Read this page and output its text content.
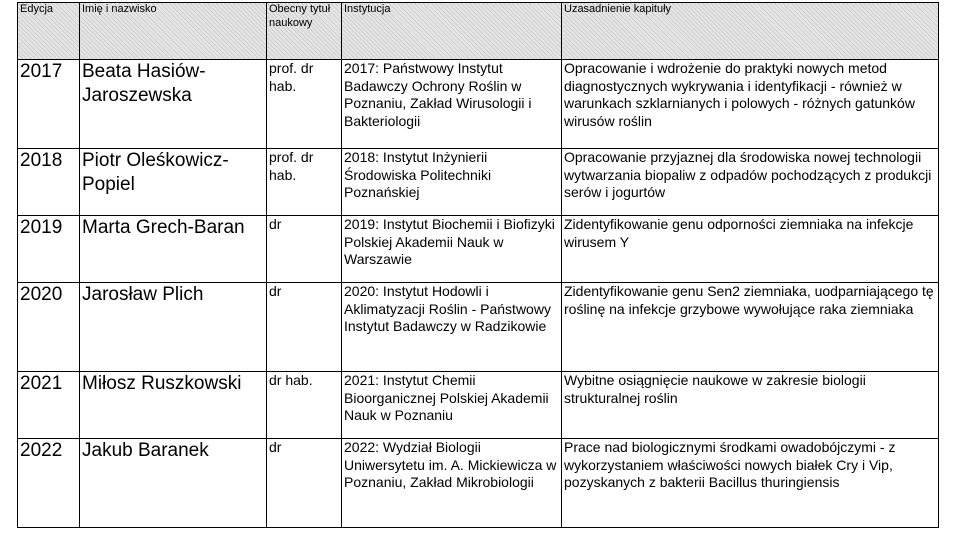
Edycja	Imię i nazwisko	Obecny tytuł naukowy	Instytucja	Uzasadnienie kapituły
2017	Beata Hasiów-Jaroszewska	prof. dr hab.	2017: Państwowy Instytut Badawczy Ochrony Roślin w Poznaniu, Zakład Wirusologii i Bakteriologii	Opracowanie i wdrożenie do praktyki nowych metod diagnostycznych wykrywania i identyfikacji - również w warunkach szklarnianych i polowych - różnych gatunków wirusów roślin
2018	Piotr Oleśkowicz-Popiel	prof. dr hab.	2018: Instytut Inżynierii Środowiska Politechniki Poznańskiej	Opracowanie przyjaznej dla środowiska nowej technologii wytwarzania biopaliw z odpadów pochodzących z produkcji serów i jogurtów
2019	Marta Grech-Baran	dr	2019: Instytut Biochemii i Biofizyki Polskiej Akademii Nauk w Warszawie	Zidentyfikowanie genu odporności ziemniaka na infekcje wirusem Y
2020	Jarosław Plich	dr	2020: Instytut Hodowli i Aklimatyzacji Roślin - Państwowy Instytut Badawczy w Radzikowie	Zidentyfikowanie genu Sen2 ziemniaka, uodparniającego tę roślinę na infekcje grzybowe wywołujące raka ziemniaka
2021	Miłosz Ruszkowski	dr hab.	2021: Instytut Chemii Bioorganicznej Polskiej Akademii Nauk w Poznaniu	Wybitne osiągnięcie naukowe w zakresie biologii strukturalnej roślin
2022	Jakub Baranek	dr	2022: Wydział Biologii Uniwersytetu im. A. Mickiewicza w Poznaniu, Zakład Mikrobiologii	Prace nad biologicznymi środkami owadobójczymi - z wykorzystaniem właściwości nowych białek Cry i Vip, pozyskanych z bakterii Bacillus thuringiensis
